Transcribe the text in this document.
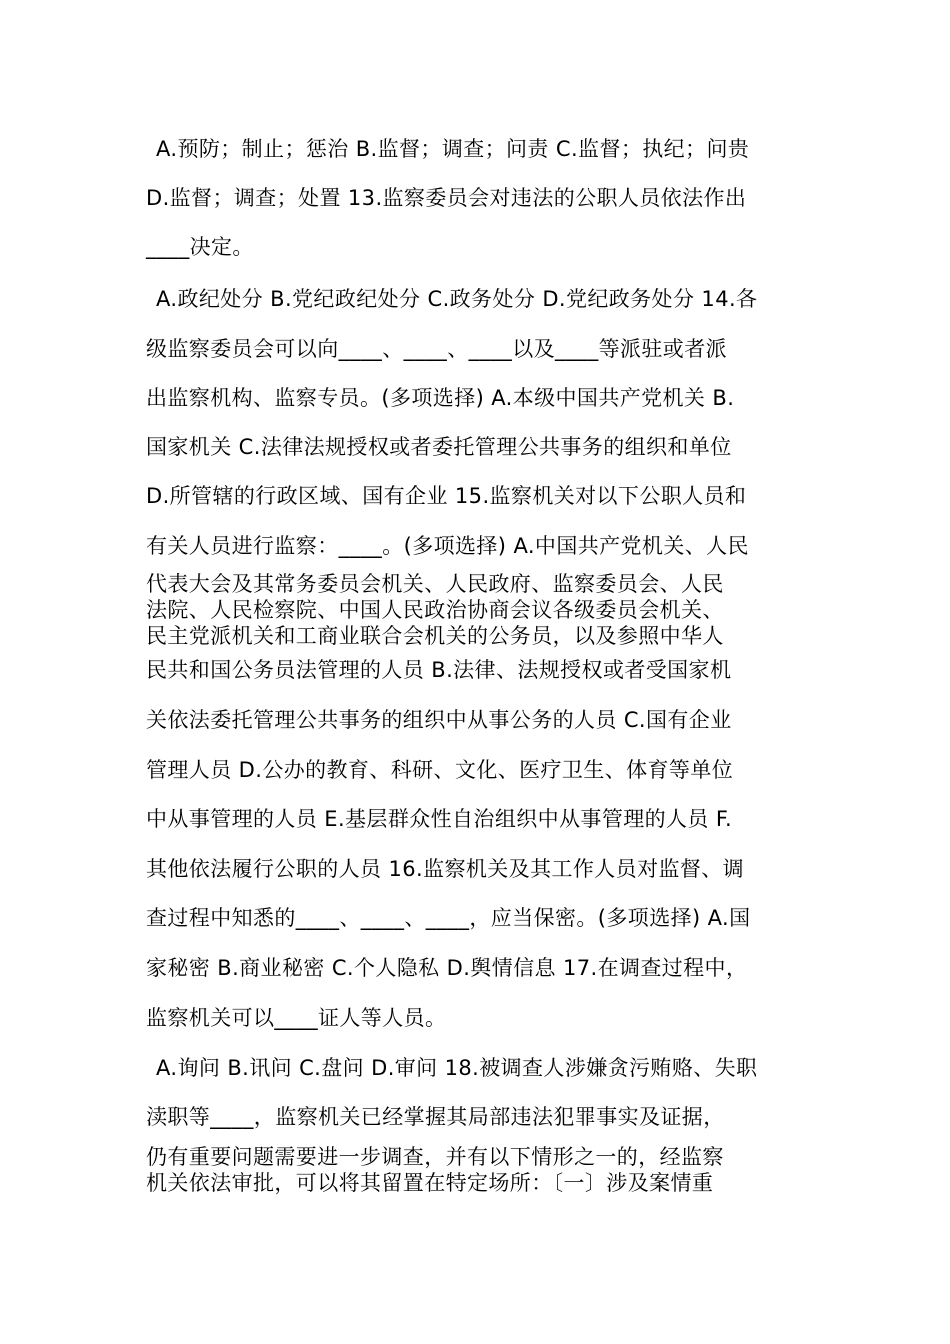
A.预防；制止；惩治 B.监督；调查；问责 C.监督；执纪；问贵
D.监督；调查；处置 13.监察委员会对违法的公职人员依法作出
____决定。
A.政纪处分 B.党纪政纪处分 C.政务处分 D.党纪政务处分 14.各
级监察委员会可以向____、____、____以及____等派驻或者派
出监察机构、监察专员。(多项选择) A.本级中国共产党机关 B.
国家机关 C.法律法规授权或者委托管理公共事务的组织和单位
D.所管辖的行政区域、国有企业 15.监察机关对以下公职人员和
有关人员进行监察：____。(多项选择) A.中国共产党机关、人民
代表大会及其常务委员会机关、人民政府、监察委员会、人民
法院、人民检察院、中国人民政治协商会议各级委员会机关、
民主党派机关和工商业联合会机关的公务员，以及参照中华人
民共和国公务员法管理的人员 B.法律、法规授权或者受国家机
关依法委托管理公共事务的组织中从事公务的人员 C.国有企业
管理人员 D.公办的教育、科研、文化、医疗卫生、体育等单位
中从事管理的人员 E.基层群众性自治组织中从事管理的人员 F.
其他依法履行公职的人员 16.监察机关及其工作人员对监督、调
查过程中知悉的____、____、____，应当保密。(多项选择) A.国
家秘密 B.商业秘密 C.个人隐私 D.舆情信息 17.在调查过程中，
监察机关可以____证人等人员。
A.询问 B.讯问 C.盘问 D.审问 18.被调查人涉嫌贪污贿赂、失职
渎职等____，监察机关已经掌握其局部违法犯罪事实及证据，
仍有重要问题需要进一步调查，并有以下情形之一的，经监察
机关依法审批，可以将其留置在特定场所：〔一〕涉及案情重
